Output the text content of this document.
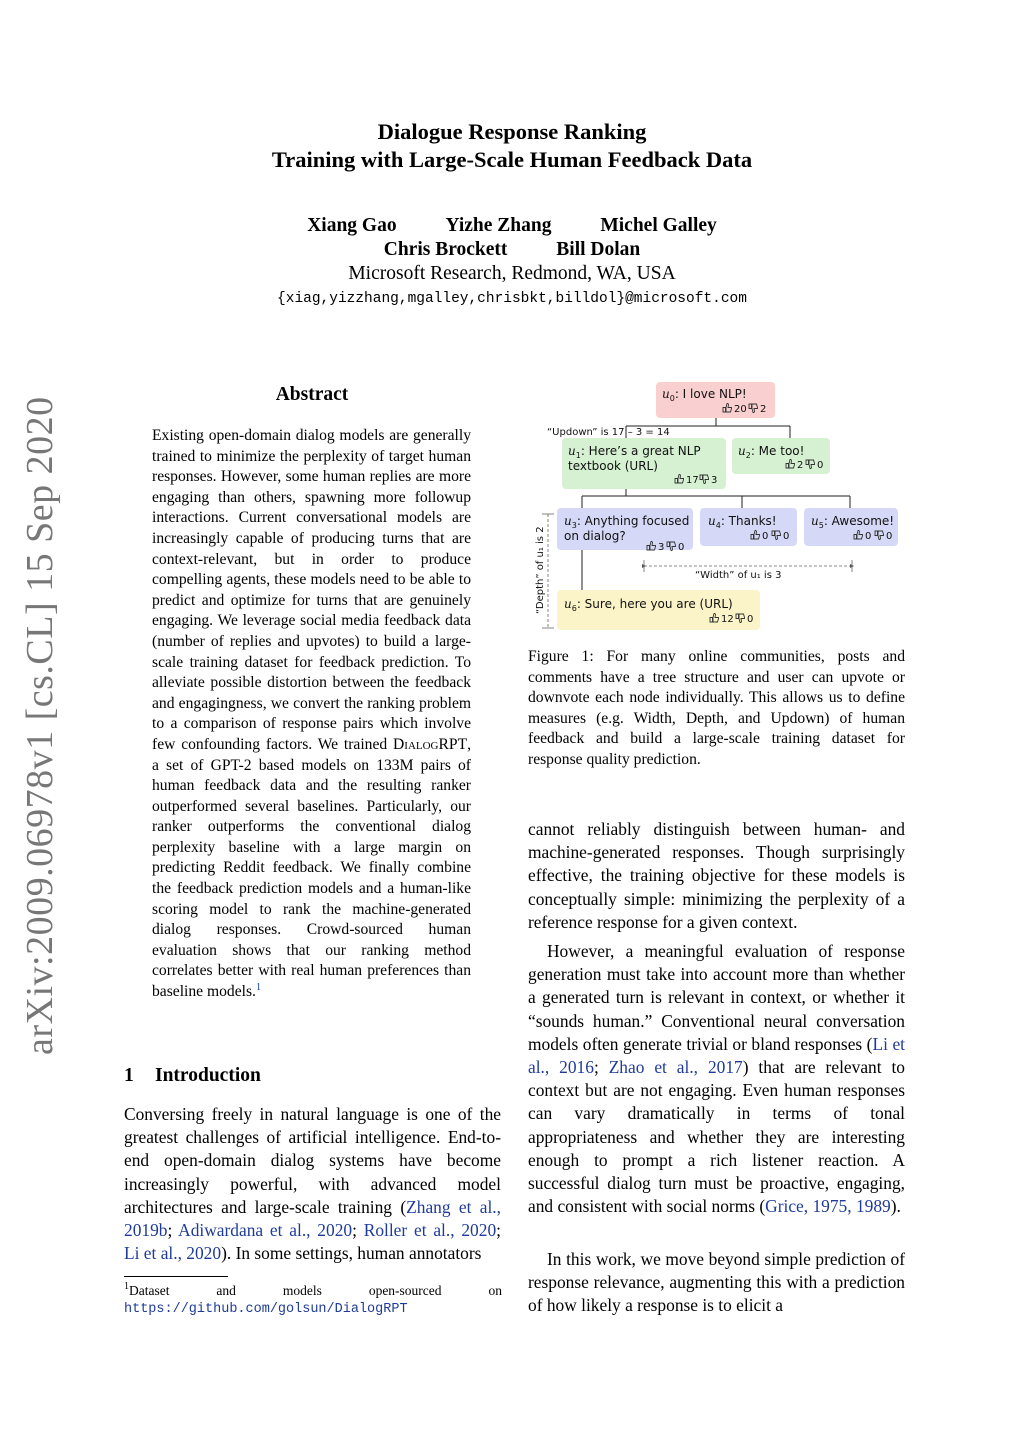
Dialogue Response Ranking
Training with Large-Scale Human Feedback Data
Xiang Gao	Yizhe Zhang	Michel Galley
Chris Brockett	Bill Dolan
Microsoft Research, Redmond, WA, USA
{xiag,yizzhang,mgalley,chrisbkt,billdol}@microsoft.com
arXiv:2009.06978v1 [cs.CL] 15 Sep 2020
Abstract
Existing open-domain dialog models are generally trained to minimize the perplexity of target human responses. However, some human replies are more engaging than others, spawning more followup interactions. Current conversational models are increasingly capable of producing turns that are context-relevant, but in order to produce compelling agents, these models need to be able to predict and optimize for turns that are genuinely engaging. We leverage social media feedback data (number of replies and upvotes) to build a large-scale training dataset for feedback prediction. To alleviate possible distortion between the feedback and engagingness, we convert the ranking problem to a comparison of response pairs which involve few confounding factors. We trained DialogRPT, a set of GPT-2 based models on 133M pairs of human feedback data and the resulting ranker outperformed several baselines. Particularly, our ranker outperforms the conventional dialog perplexity baseline with a large margin on predicting Reddit feedback. We finally combine the feedback prediction models and a human-like scoring model to rank the machine-generated dialog responses. Crowd-sourced human evaluation shows that our ranking method correlates better with real human preferences than baseline models.$^1$
1 Introduction
Conversing freely in natural language is one of the greatest challenges of artificial intelligence. End-to-end open-domain dialog systems have become increasingly powerful, with advanced model architectures and large-scale training (Zhang et al., 2019b; Adiwardana et al., 2020; Roller et al., 2020; Li et al., 2020). In some settings, human annotators
$^1$Dataset and models open-sourced on https://github.com/golsun/DialogRPT
$u_0$: I love NLP!
20 2
“Updown” is 17 – 3 = 14
$u_1$: Here’s a great NLP
textbook (URL)
17 3
$u_2$: Me too!
2 0
$u_3$: Anything focused
on dialog?
3 0
$u_4$: Thanks!
0 0
$u_5$: Awesome!
0 0
“Width” of u₁ is 3
“Depth” of u₁ is 2 $u_6$: Sure, here you are (URL)
12 0
Figure 1: For many online communities, posts and comments have a tree structure and user can upvote or downvote each node individually. This allows us to define measures (e.g. Width, Depth, and Updown) of human feedback and build a large-scale training dataset for response quality prediction.
cannot reliably distinguish between human- and machine-generated responses. Though surprisingly effective, the training objective for these models is conceptually simple: minimizing the perplexity of a reference response for a given context.
However, a meaningful evaluation of response generation must take into account more than whether a generated turn is relevant in context, or whether it “sounds human.” Conventional neural conversation models often generate trivial or bland responses (Li et al., 2016; Zhao et al., 2017) that are relevant to context but are not engaging. Even human responses can vary dramatically in terms of tonal appropriateness and whether they are interesting enough to prompt a rich listener reaction. A successful dialog turn must be proactive, engaging, and consistent with social norms (Grice, 1975, 1989).
In this work, we move beyond simple prediction of response relevance, augmenting this with a prediction of how likely a response is to elicit a
